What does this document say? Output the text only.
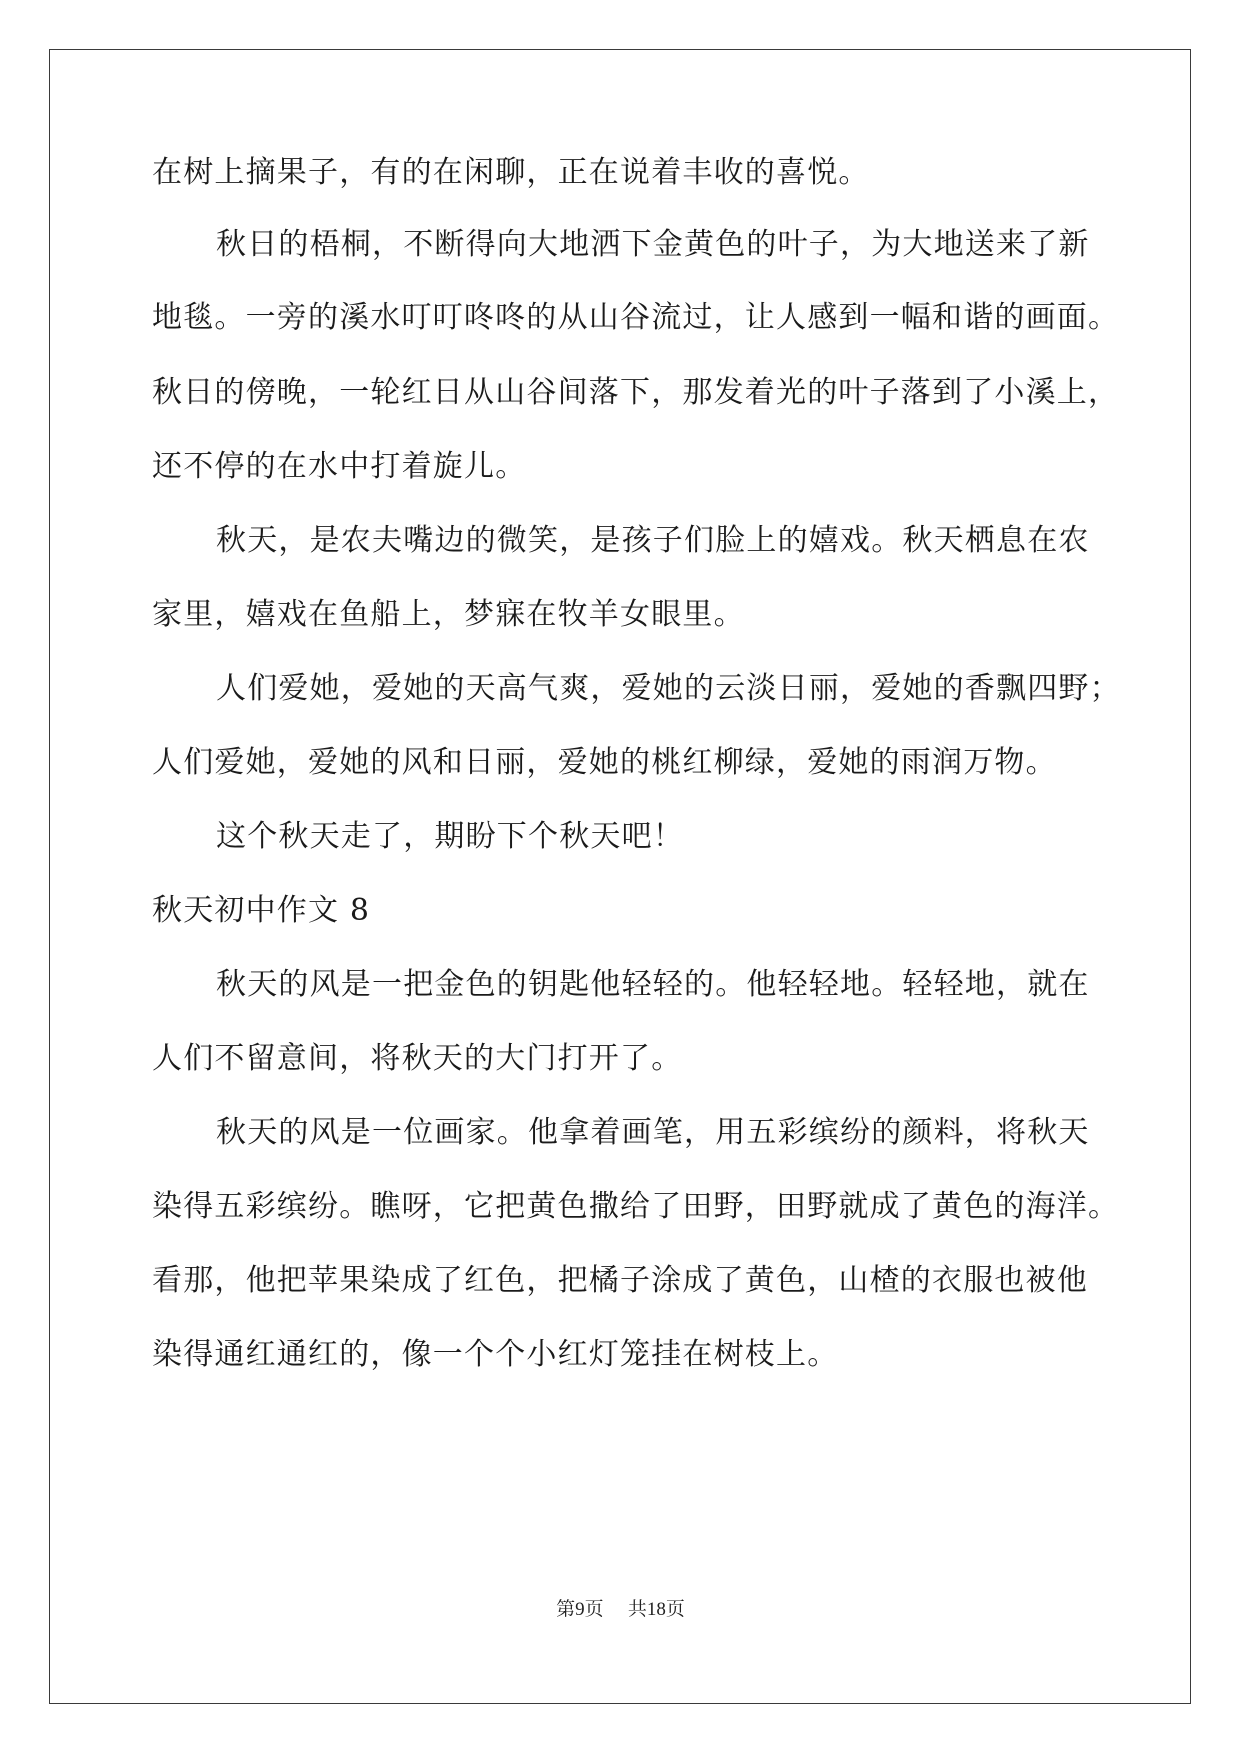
在树上摘果子，有的在闲聊，正在说着丰收的喜悦。
秋日的梧桐，不断得向大地洒下金黄色的叶子，为大地送来了新
地毯。一旁的溪水叮叮咚咚的从山谷流过，让人感到一幅和谐的画面。
秋日的傍晚，一轮红日从山谷间落下，那发着光的叶子落到了小溪上，
还不停的在水中打着旋儿。
秋天，是农夫嘴边的微笑，是孩子们脸上的嬉戏。秋天栖息在农
家里，嬉戏在鱼船上，梦寐在牧羊女眼里。
人们爱她，爱她的天高气爽，爱她的云淡日丽，爱她的香飘四野；
人们爱她，爱她的风和日丽，爱她的桃红柳绿，爱她的雨润万物。
这个秋天走了，期盼下个秋天吧！
秋天初中作文 8
秋天的风是一把金色的钥匙他轻轻的。他轻轻地。轻轻地，就在
人们不留意间，将秋天的大门打开了。
秋天的风是一位画家。他拿着画笔，用五彩缤纷的颜料，将秋天
染得五彩缤纷。瞧呀，它把黄色撒给了田野，田野就成了黄色的海洋。
看那，他把苹果染成了红色，把橘子涂成了黄色，山楂的衣服也被他
染得通红通红的，像一个个小红灯笼挂在树枝上。
第9页 共18页
